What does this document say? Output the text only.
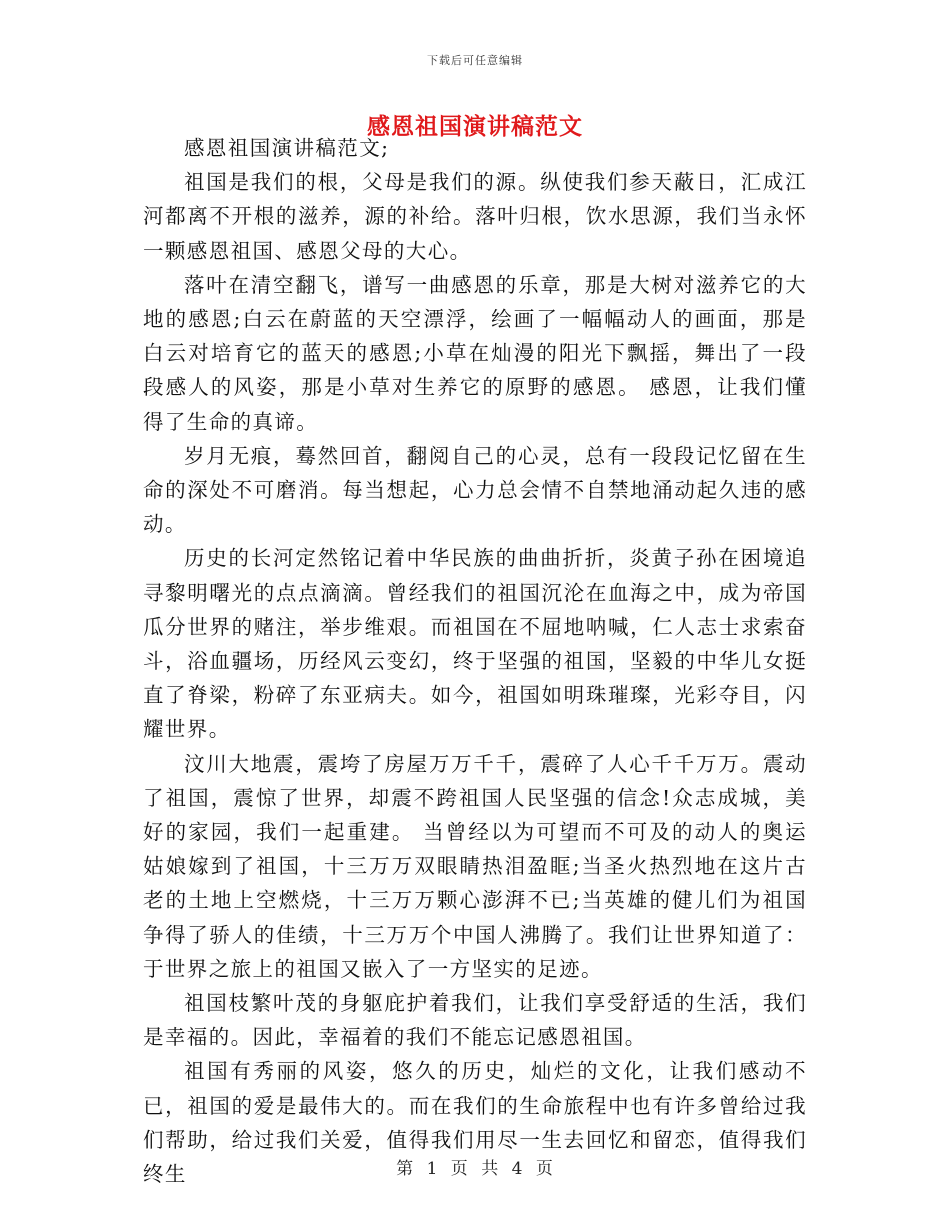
下载后可任意编辑
感恩祖国演讲稿范文

感恩祖国演讲稿范文;

祖国是我们的根，父母是我们的源。纵使我们参天蔽日，汇成江河都离不开根的滋养，源的补给。落叶归根，饮水思源，我们当永怀一颗感恩祖国、感恩父母的大心。

落叶在清空翻飞，谱写一曲感恩的乐章，那是大树对滋养它的大地的感恩;白云在蔚蓝的天空漂浮，绘画了一幅幅动人的画面，那是白云对培育它的蓝天的感恩;小草在灿漫的阳光下飘摇，舞出了一段段感人的风姿，那是小草对生养它的原野的感恩。 感恩，让我们懂得了生命的真谛。

岁月无痕，蓦然回首，翻阅自己的心灵，总有一段段记忆留在生命的深处不可磨消。每当想起，心力总会情不自禁地涌动起久违的感动。

历史的长河定然铭记着中华民族的曲曲折折，炎黄子孙在困境追寻黎明曙光的点点滴滴。曾经我们的祖国沉沦在血海之中，成为帝国瓜分世界的赌注，举步维艰。而祖国在不屈地呐喊，仁人志士求索奋斗，浴血疆场，历经风云变幻，终于坚强的祖国，坚毅的中华儿女挺直了脊梁，粉碎了东亚病夫。如今，祖国如明珠璀璨，光彩夺目，闪耀世界。

汶川大地震，震垮了房屋万万千千，震碎了人心千千万万。震动了祖国，震惊了世界，却震不跨祖国人民坚强的信念!众志成城，美好的家园，我们一起重建。 当曾经以为可望而不可及的动人的奥运姑娘嫁到了祖国，十三万万双眼睛热泪盈眶;当圣火热烈地在这片古老的土地上空燃烧，十三万万颗心澎湃不已;当英雄的健儿们为祖国争得了骄人的佳绩，十三万万个中国人沸腾了。我们让世界知道了：于世界之旅上的祖国又嵌入了一方坚实的足迹。

祖国枝繁叶茂的身躯庇护着我们，让我们享受舒适的生活，我们是幸福的。因此，幸福着的我们不能忘记感恩祖国。

祖国有秀丽的风姿，悠久的历史，灿烂的文化，让我们感动不已，祖国的爱是最伟大的。而在我们的生命旅程中也有许多曾给过我们帮助，给过我们关爱，值得我们用尽一生去回忆和留恋，值得我们终生	第 1 页 共 4 页
